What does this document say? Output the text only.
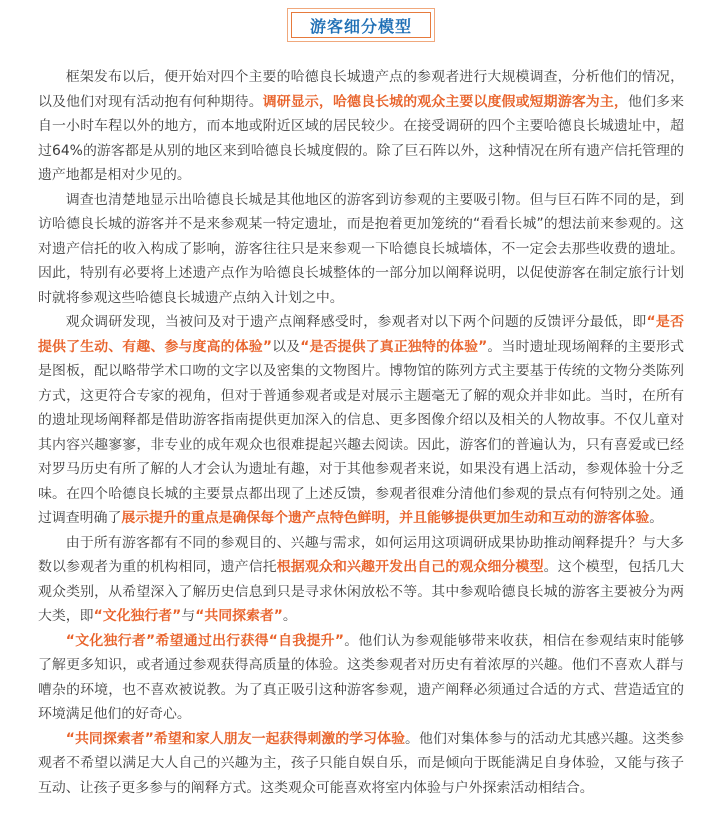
游客细分模型

框架发布以后，便开始对四个主要的哈德良长城遗产点的参观者进行大规模调查，分析他们的情况，以及他们对现有活动抱有何种期待。调研显示，哈德良长城的观众主要以度假或短期游客为主，他们多来自一小时车程以外的地方，而本地或附近区域的居民较少。在接受调研的四个主要哈德良长城遗址中，超过64%的游客都是从别的地区来到哈德良长城度假的。除了巨石阵以外，这种情况在所有遗产信托管理的遗产地都是相对少见的。

调查也清楚地显示出哈德良长城是其他地区的游客到访参观的主要吸引物。但与巨石阵不同的是，到访哈德良长城的游客并不是来参观某一特定遗址，而是抱着更加笼统的“看看长城”的想法前来参观的。这对遗产信托的收入构成了影响，游客往往只是来参观一下哈德良长城墙体，不一定会去那些收费的遗址。因此，特别有必要将上述遗产点作为哈德良长城整体的一部分加以阐释说明，以促使游客在制定旅行计划时就将参观这些哈德良长城遗产点纳入计划之中。

观众调研发现，当被问及对于遗产点阐释感受时，参观者对以下两个问题的反馈评分最低，即“是否提供了生动、有趣、参与度高的体验”以及“是否提供了真正独特的体验”。当时遗址现场阐释的主要形式是图板，配以略带学术口吻的文字以及密集的文物图片。博物馆的陈列方式主要基于传统的文物分类陈列方式，这更符合专家的视角，但对于普通参观者或是对展示主题毫无了解的观众并非如此。当时，在所有的遗址现场阐释都是借助游客指南提供更加深入的信息、更多图像介绍以及相关的人物故事。不仅儿童对其内容兴趣寥寥，非专业的成年观众也很难提起兴趣去阅读。因此，游客们的普遍认为，只有喜爱或已经对罗马历史有所了解的人才会认为遗址有趣，对于其他参观者来说，如果没有遇上活动，参观体验十分乏味。在四个哈德良长城的主要景点都出现了上述反馈，参观者很难分清他们参观的景点有何特别之处。通过调查明确了展示提升的重点是确保每个遗产点特色鲜明，并且能够提供更加生动和互动的游客体验。

由于所有游客都有不同的参观目的、兴趣与需求，如何运用这项调研成果协助推动阐释提升？与大多数以参观者为重的机构相同，遗产信托根据观众和兴趣开发出自己的观众细分模型。这个模型，包括几大观众类别，从希望深入了解历史信息到只是寻求休闲放松不等。其中参观哈德良长城的游客主要被分为两大类，即“文化独行者”与“共同探索者”。

“文化独行者”希望通过出行获得“自我提升”。他们认为参观能够带来收获，相信在参观结束时能够了解更多知识，或者通过参观获得高质量的体验。这类参观者对历史有着浓厚的兴趣。他们不喜欢人群与嘈杂的环境，也不喜欢被说教。为了真正吸引这种游客参观，遗产阐释必须通过合适的方式、营造适宜的环境满足他们的好奇心。

“共同探索者”希望和家人朋友一起获得刺激的学习体验。他们对集体参与的活动尤其感兴趣。这类参观者不希望以满足大人自己的兴趣为主，孩子只能自娱自乐，而是倾向于既能满足自身体验，又能与孩子互动、让孩子更多参与的阐释方式。这类观众可能喜欢将室内体验与户外探索活动相结合。
